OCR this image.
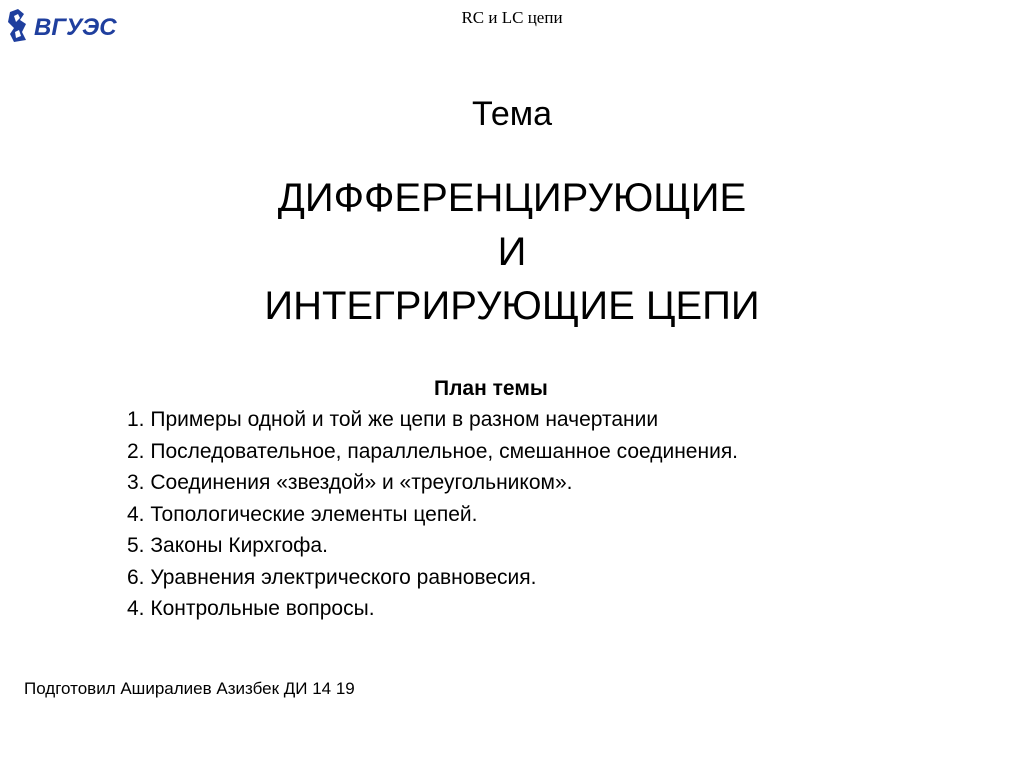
ВГУЭС	RC и LC цепи
Тема
ДИФФЕРЕНЦИРУЮЩИЕ
И
ИНТЕГРИРУЮЩИЕ ЦЕПИ
План темы
1. Примеры одной и той же цепи в разном начертании
2. Последовательное, параллельное, смешанное соединения.
3. Соединения «звездой» и «треугольником».
4. Топологические элементы цепей.
5. Законы Кирхгофа.
6. Уравнения электрического равновесия.
4. Контрольные вопросы.
Подготовил Аширалиев Азизбек ДИ 14 19
